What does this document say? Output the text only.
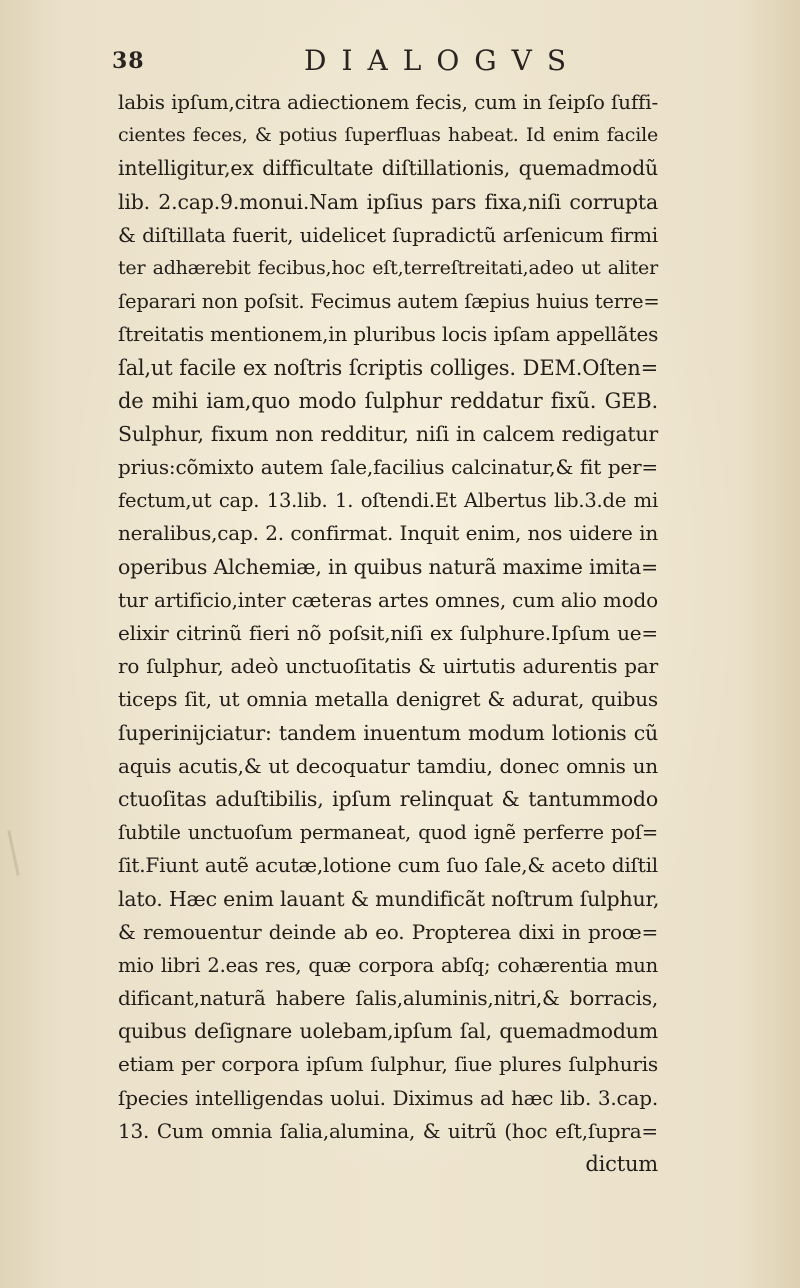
38	DIALOGVS
labis ipſum,citra adiectionem fecis, cum in ſeipſo ſuffi-
cientes feces, & potius ſuperfluas habeat. Id enim facile
intelligitur,ex difficultate diſtillationis, quemadmodũ
lib. 2.cap.9.monui.Nam ipſius pars fixa,niſi corrupta
& diſtillata fuerit, uidelicet ſupradictũ arſenicum firmi
ter adhærebit fecibus,hoc eſt,terreſtreitati,adeo ut aliter
ſeparari non poſsit. Fecimus autem ſæpius huius terre=
ſtreitatis mentionem,in pluribus locis ipſam appellãtes
ſal,ut facile ex noſtris ſcriptis colliges. DEM.Oſten=
de mihi iam,quo modo ſulphur reddatur fixũ. GEB.
Sulphur, fixum non redditur, niſi in calcem redigatur
prius:cõmixto autem ſale,facilius calcinatur,& fit per=
fectum,ut cap. 13.lib. 1. oſtendi.Et Albertus lib.3.de mi
neralibus,cap. 2. confirmat. Inquit enim, nos uidere in
operibus Alchemiæ, in quibus naturã maxime imita=
tur artificio,inter cæteras artes omnes, cum alio modo
elixir citrinũ fieri nõ poſsit,niſi ex ſulphure.Ipſum ue=
ro ſulphur, adeò unctuoſitatis & uirtutis adurentis par
ticeps ſit, ut omnia metalla denigret & adurat, quibus
ſuperinijciatur: tandem inuentum modum lotionis cũ
aquis acutis,& ut decoquatur tamdiu, donec omnis un
ctuoſitas aduſtibilis, ipſum relinquat & tantummodo
ſubtile unctuoſum permaneat, quod ignẽ perferre poſ=
ſit.Fiunt autẽ acutæ,lotione cum ſuo ſale,& aceto diſtil
lato. Hæc enim lauant & mundificãt noſtrum ſulphur,
& remouentur deinde ab eo. Propterea dixi in proœ=
mio libri 2.eas res, quæ corpora abſq; cohærentia mun
dificant,naturã habere ſalis,aluminis,nitri,& borracis,
quibus deſignare uolebam,ipſum ſal, quemadmodum
etiam per corpora ipſum ſulphur, ſiue plures ſulphuris
ſpecies intelligendas uolui. Diximus ad hæc lib. 3.cap.
13. Cum omnia ſalia,alumina, & uitrũ (hoc eſt,ſupra=
dictum
